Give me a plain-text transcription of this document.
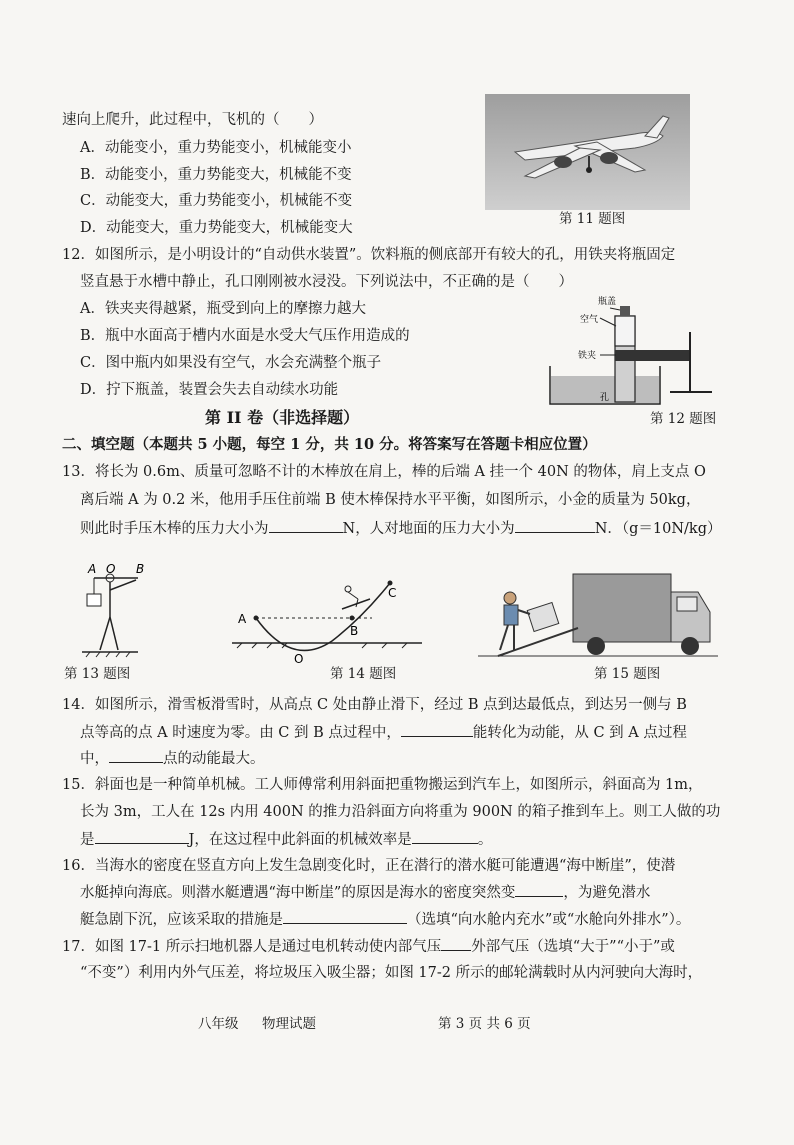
速向上爬升，此过程中，飞机的（　　）
A．动能变小，重力势能变小，机械能变小
B．动能变小，重力势能变大，机械能不变
C．动能变大，重力势能变小，机械能不变
D．动能变大，重力势能变大，机械能变大
第 11 题图
12．如图所示，是小明设计的“自动供水装置”。饮料瓶的侧底部开有较大的孔，用铁夹将瓶固定
竖直悬于水槽中静止，孔口刚刚被水浸没。下列说法中，不正确的是（　　）
A．铁夹夹得越紧，瓶受到向上的摩擦力越大
B．瓶中水面高于槽内水面是水受大气压作用造成的
C．图中瓶内如果没有空气，水会充满整个瓶子
D．拧下瓶盖，装置会失去自动续水功能
瓶盖
空气
铁夹
孔
第 12 题图
第 II 卷（非选择题）
二、填空题（本题共 5 小题，每空 1 分，共 10 分。将答案写在答题卡相应位置）
13．将长为 0.6m、质量可忽略不计的木棒放在肩上，棒的后端 A 挂一个 40N 的物体，肩上支点 O
离后端 A 为 0.2 米，他用手压住前端 B 使木棒保持水平平衡，如图所示，小金的质量为 50kg，
则此时手压木棒的压力大小为	N，人对地面的压力大小为	N．（g＝10N/kg）
A O B
第 13 题图
A
B
C
O
第 14 题图	第 15 题图
14．如图所示，滑雪板滑雪时，从高点 C 处由静止滑下，经过 B 点到达最低点，到达另一侧与 B
点等高的点 A 时速度为零。由 C 到 B 点过程中，	能转化为动能，从 C 到 A 点过程
中，	点的动能最大。
15．斜面也是一种简单机械。工人师傅常利用斜面把重物搬运到汽车上，如图所示，斜面高为 1m，
长为 3m，工人在 12s 内用 400N 的推力沿斜面方向将重为 900N 的箱子推到车上。则工人做的功
是	J，在这过程中此斜面的机械效率是	。
16．当海水的密度在竖直方向上发生急剧变化时，正在潜行的潜水艇可能遭遇“海中断崖”，使潜
水艇掉向海底。则潜水艇遭遇“海中断崖”的原因是海水的密度突然变	，为避免潜水
艇急剧下沉，应该采取的措施是	（选填“向水舱内充水”或“水舱向外排水”）。
17．如图 17-1 所示扫地机器人是通过电机转动使内部气压 外部气压（选填“大于”“小于”或
“不变”）利用内外气压差，将垃圾压入吸尘器；如图 17-2 所示的邮轮满载时从内河驶向大海时，
八年级 物理试题	第 3 页 共 6 页
